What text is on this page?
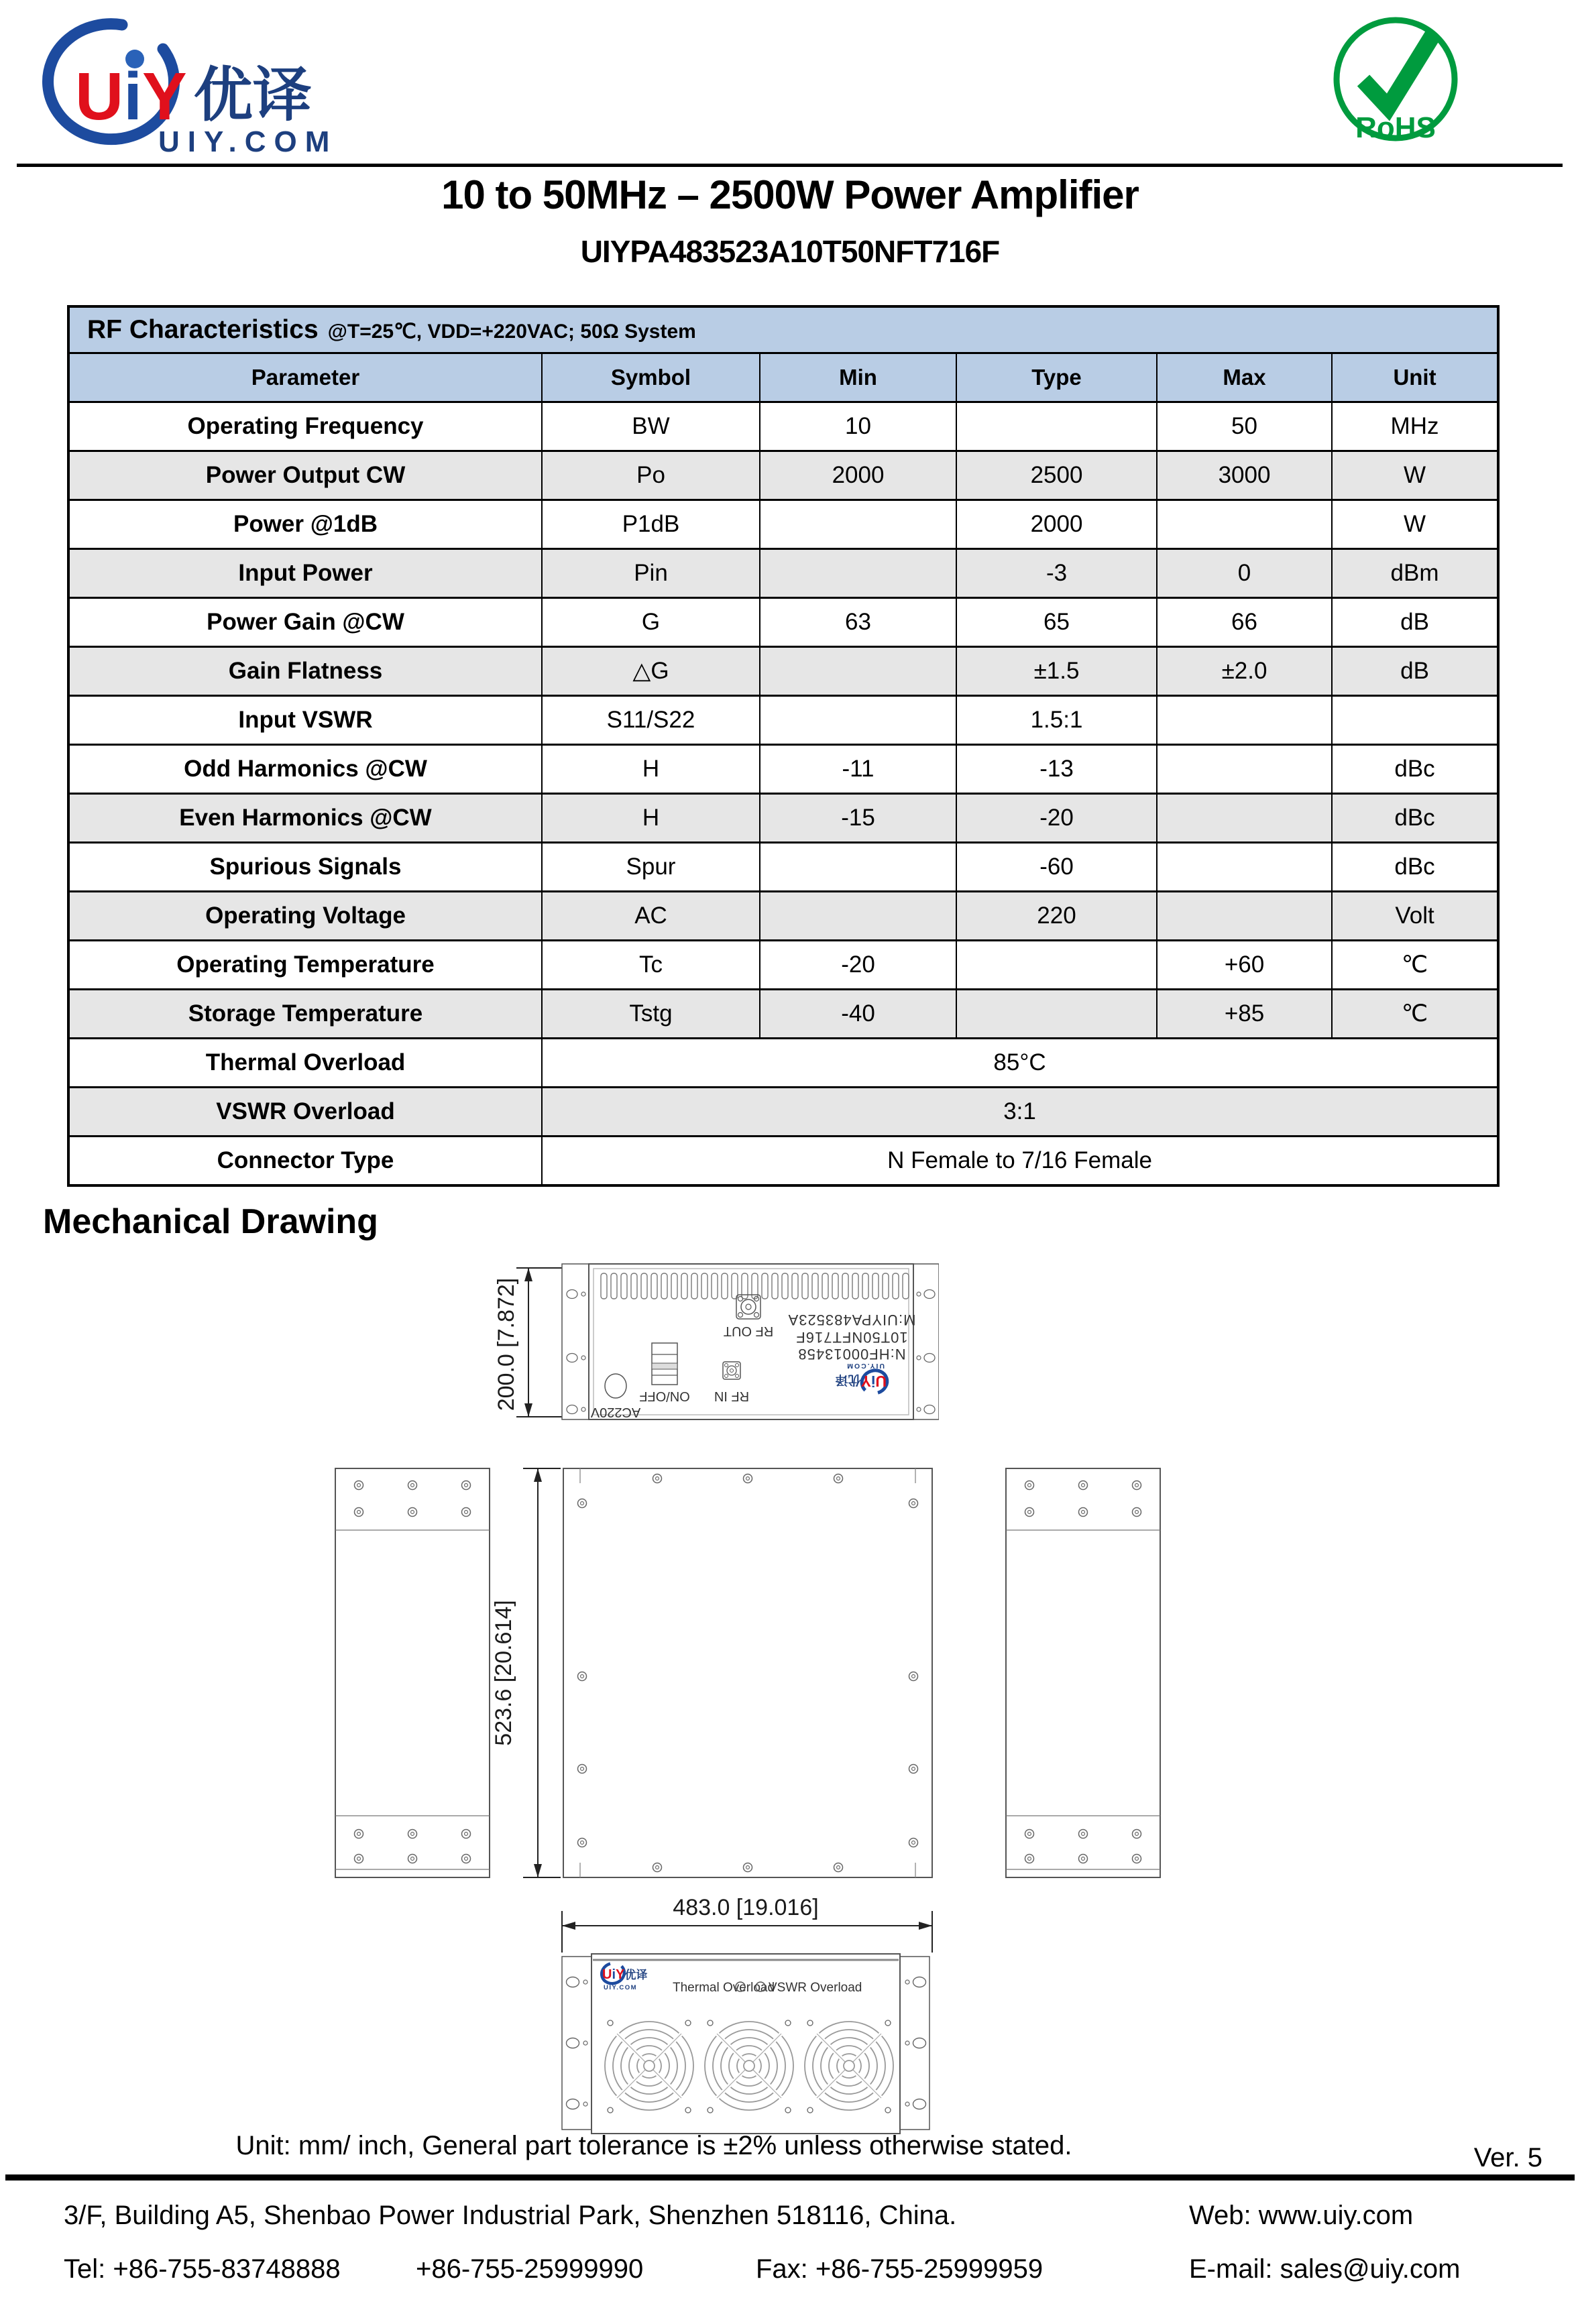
UiY 优译
UIY.COM	RoHS
10 to 50MHz – 2500W Power Amplifier
UIYPA483523A10T50NFT716F
RF Characteristics @T=25℃, VDD=+220VAC; 50Ω System					
Parameter	Symbol	Min	Type	Max	Unit
Operating Frequency	BW	10		50	MHz
Power Output CW	Po	2000	2500	3000	W
Power @1dB	P1dB		2000		W
Input Power	Pin		-3	0	dBm
Power Gain @CW	G	63	65	66	dB
Gain Flatness	△G		±1.5	±2.0	dB
Input VSWR	S11/S22		1.5:1		
Odd Harmonics @CW	H	-11	-13		dBc
Even Harmonics @CW	H	-15	-20		dBc
Spurious Signals	Spur		-60		dBc
Operating Voltage	AC		220		Volt
Operating Temperature	Tc	-20		+60	℃
Storage Temperature	Tstg	-40		+85	℃
Thermal Overload	85°C				
VSWR Overload	3:1				
Connector Type	N Female to 7/16 Female				
Mechanical Drawing
200.0 [7.872]	RF OUT
M:UIYPA483523A
10T50NFT716F
N:HF00013458
ON/OFF RF IN
AC220V
UiY优译
UIY.COM
523.6 [20.614]
483.0 [19.016]
UiY优译
UIY.COM	Thermal Overload
VSWR Overload
Unit: mm/ inch, General part tolerance is ±2% unless otherwise stated.	Ver. 5
3/F, Building A5, Shenbao Power Industrial Park, Shenzhen 518116, China.	Web: www.uiy.com
Tel: +86-755-83748888	+86-755-25999990	Fax: +86-755-25999959	E-mail: sales@uiy.com
